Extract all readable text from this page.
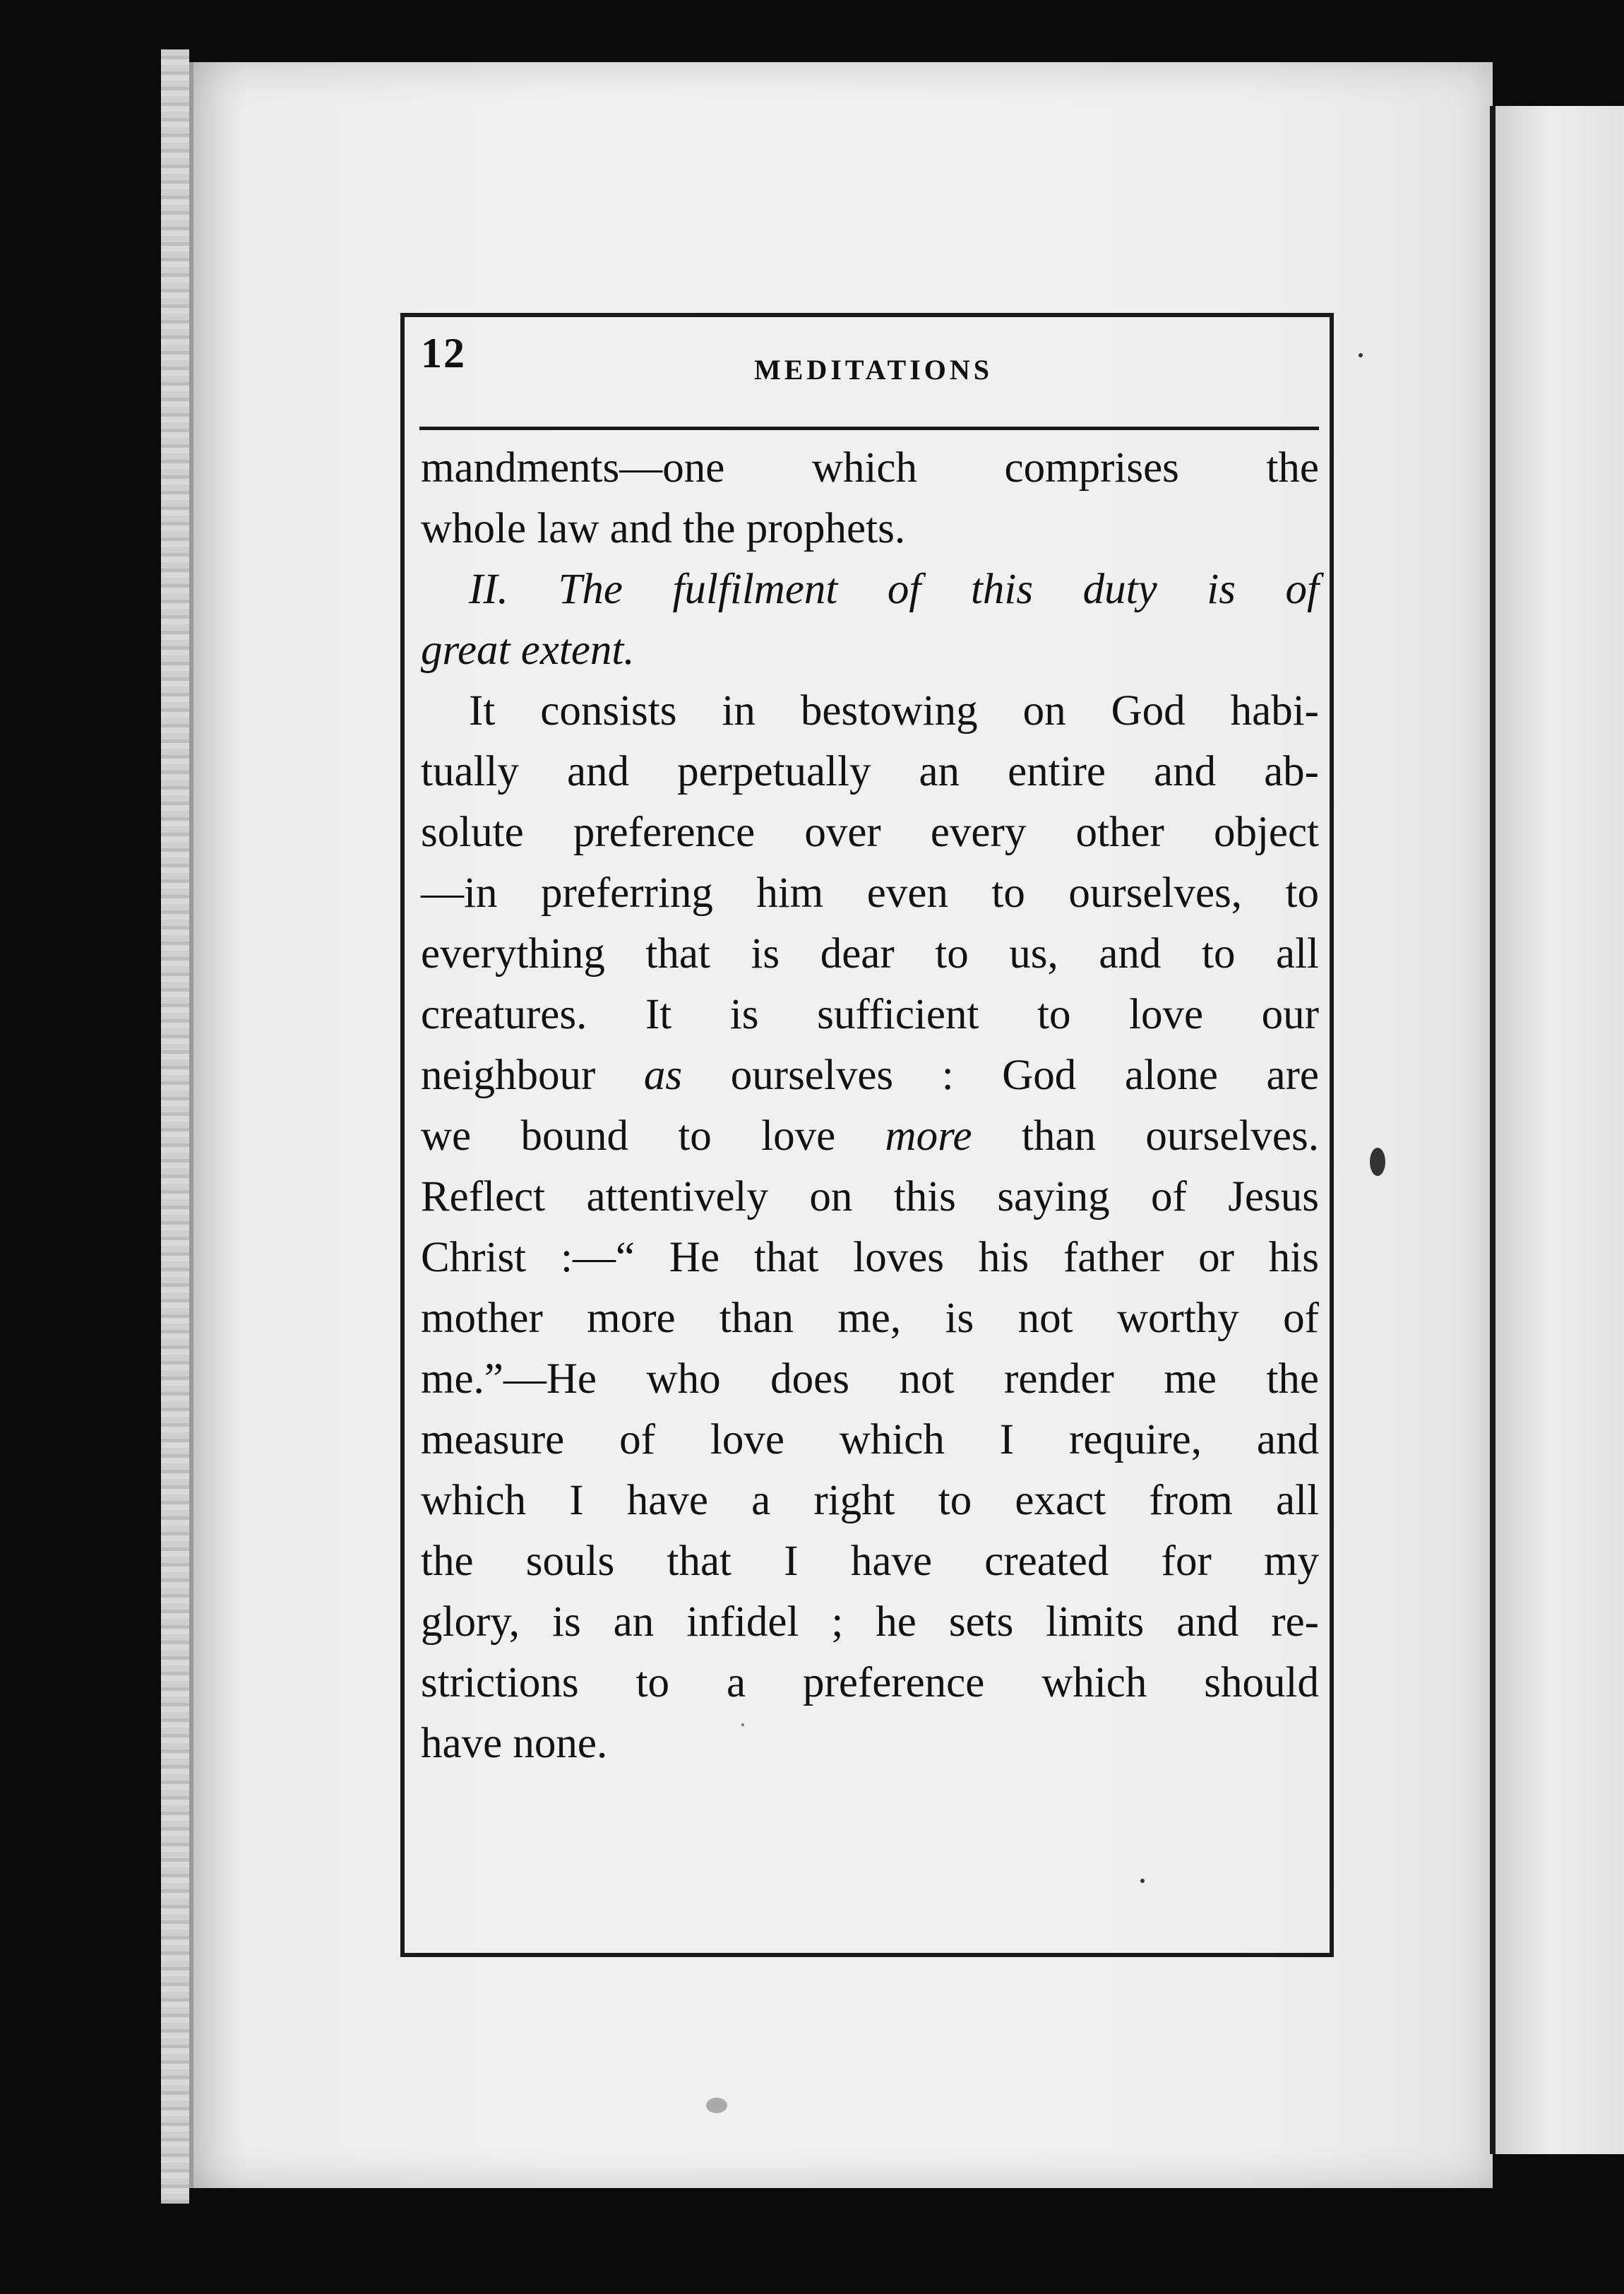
12	MEDITATIONS
mandments—one which comprises the
whole law and the prophets.
II. The fulfilment of this duty is of
great extent.
It consists in bestowing on God habi-
tually and perpetually an entire and ab-
solute preference over every other object
—in preferring him even to ourselves, to
everything that is dear to us, and to all
creatures. It is sufficient to love our
neighbour as ourselves : God alone are
we bound to love more than ourselves.
Reflect attentively on this saying of Jesus
Christ :—“ He that loves his father or his
mother more than me, is not worthy of
me.”—He who does not render me the
measure of love which I require, and
which I have a right to exact from all
the souls that I have created for my
glory, is an infidel ; he sets limits and re-
strictions to a preference which should
have none.
